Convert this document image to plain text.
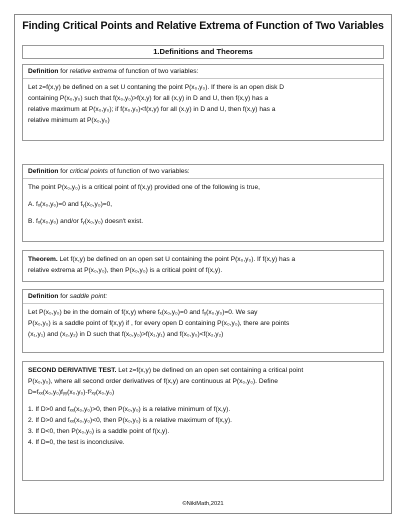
Finding Critical Points and Relative Extrema of Function of Two Variables
1.Definitions and Theorems
Definition for relative extrema of function of two variables:

Let z=f(x,y) be defined on a set U contaning the point P(x₀,y₀). If there is an open disk D

containing P(x₀,y₀) such that f(x₀,y₀)>f(x,y) for all (x,y) in D and U, then f(x,y) has a

relative maximum at P(x₀,y₀); if f(x₀,y₀)<f(x,y) for all (x,y) in D and U, then f(x,y) has a

relative minimum at P(x₀,y₀)

Definition for critical points of function of two variables:

The point P(x₀,y₀) is a critical point of f(x,y) provided one of the following is true,

A. fₓ(x₀,y₀)=0 and fᵧ(x₀,y₀)=0,

B. fₓ(x₀,y₀) and/or fᵧ(x₀,y₀) doesn't exist.

Theorem. Let f(x,y) be defined on an open set U containing the point P(x₀,y₀). If f(x,y) has a

relative extrema at P(x₀,y₀), then P(x₀,y₀) is a critical point of f(x,y).

Definition for saddle point:

Let P(x₀,y₀) be in the domain of f(x,y) where fₓ(x₀,y₀)=0 and fᵧ(x₀,y₀)=0. We say

P(x₀,y₀) is a saddle point of f(x,y) if , for every open D containing P(x₀,y₀), there are points

(x₁,y₁) and (x₂,y₂) in D such that f(x₀,y₀)>f(x₁,y₁) and f(x₀,y₀)<f(x₂,y₂)

SECOND DERIVATIVE TEST. Let z=f(x,y) be defined on an open set containing a critical point

P(x₀,y₀), where all second order derivatives of f(x,y) are continuous at P(x₀,y₀). Define

D=fₓₓ(x₀,y₀)fᵧᵧ(x₀,y₀)-f²ₓᵧ(x₀,y₀)

1. If D>0 and fₓₓ(x₀,y₀)>0, then P(x₀,y₀) is a relative minimum of f(x,y).
2. If D>0 and fₓₓ(x₀,y₀)<0, then P(x₀,y₀) is a relative maximum of f(x,y).
3. If D<0, then P(x₀,y₀) is a saddle point of f(x,y).
4. If D=0, the test is inconclusive.
©NikiMath,2021
